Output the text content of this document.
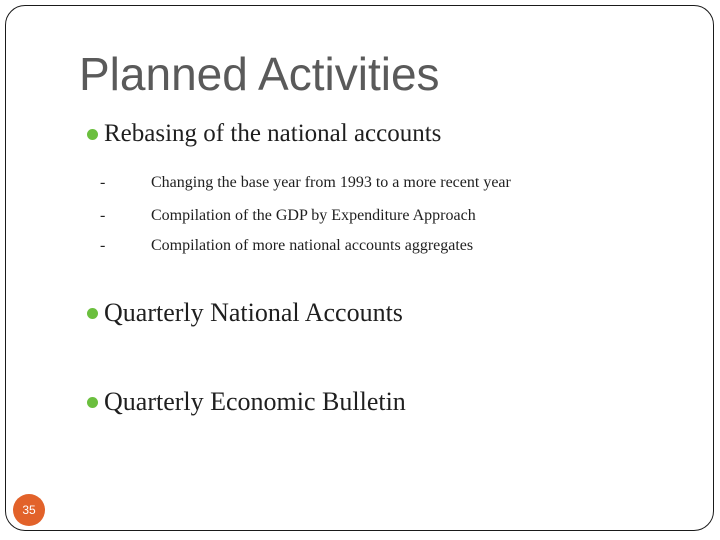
Planned Activities
Rebasing of the national accounts
-	Changing the base year from 1993 to a more recent year
-	Compilation of the GDP by Expenditure Approach
-	Compilation of more national accounts aggregates
Quarterly National Accounts
Quarterly Economic Bulletin
35
